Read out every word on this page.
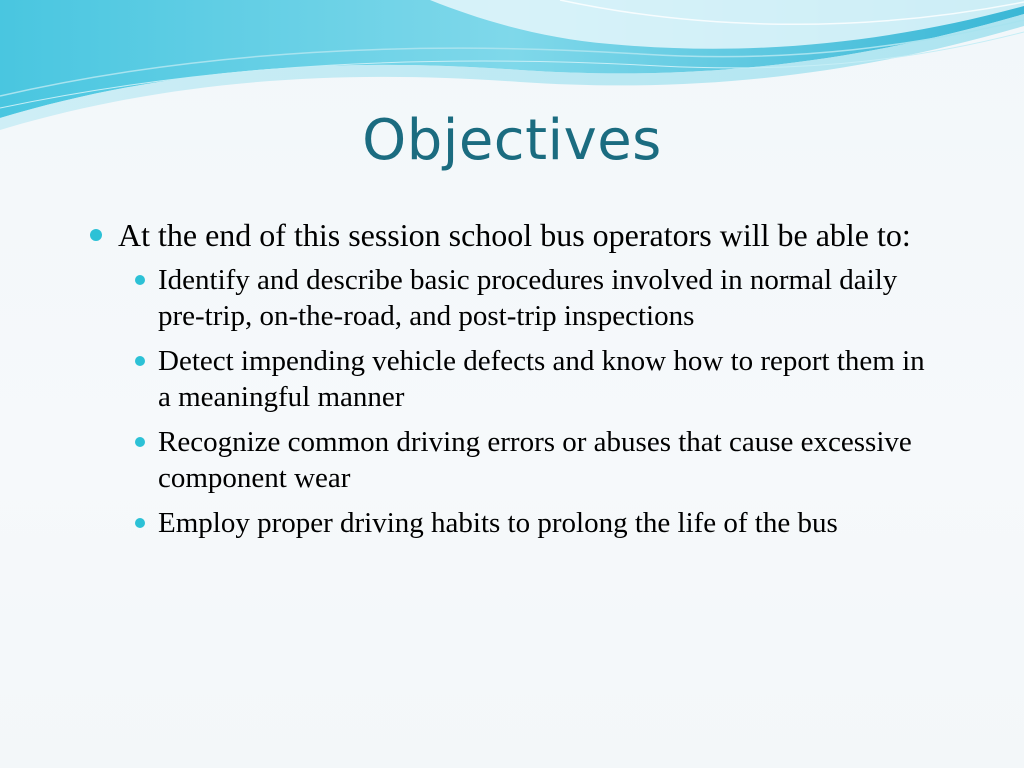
Objectives
At the end of this session school bus operators will be able to:
Identify and describe basic procedures involved in normal daily pre-trip, on-the-road, and post-trip inspections
Detect impending vehicle defects and know how to report them in a meaningful manner
Recognize common driving errors or abuses that cause excessive component wear
Employ proper driving habits to prolong the life of the bus
